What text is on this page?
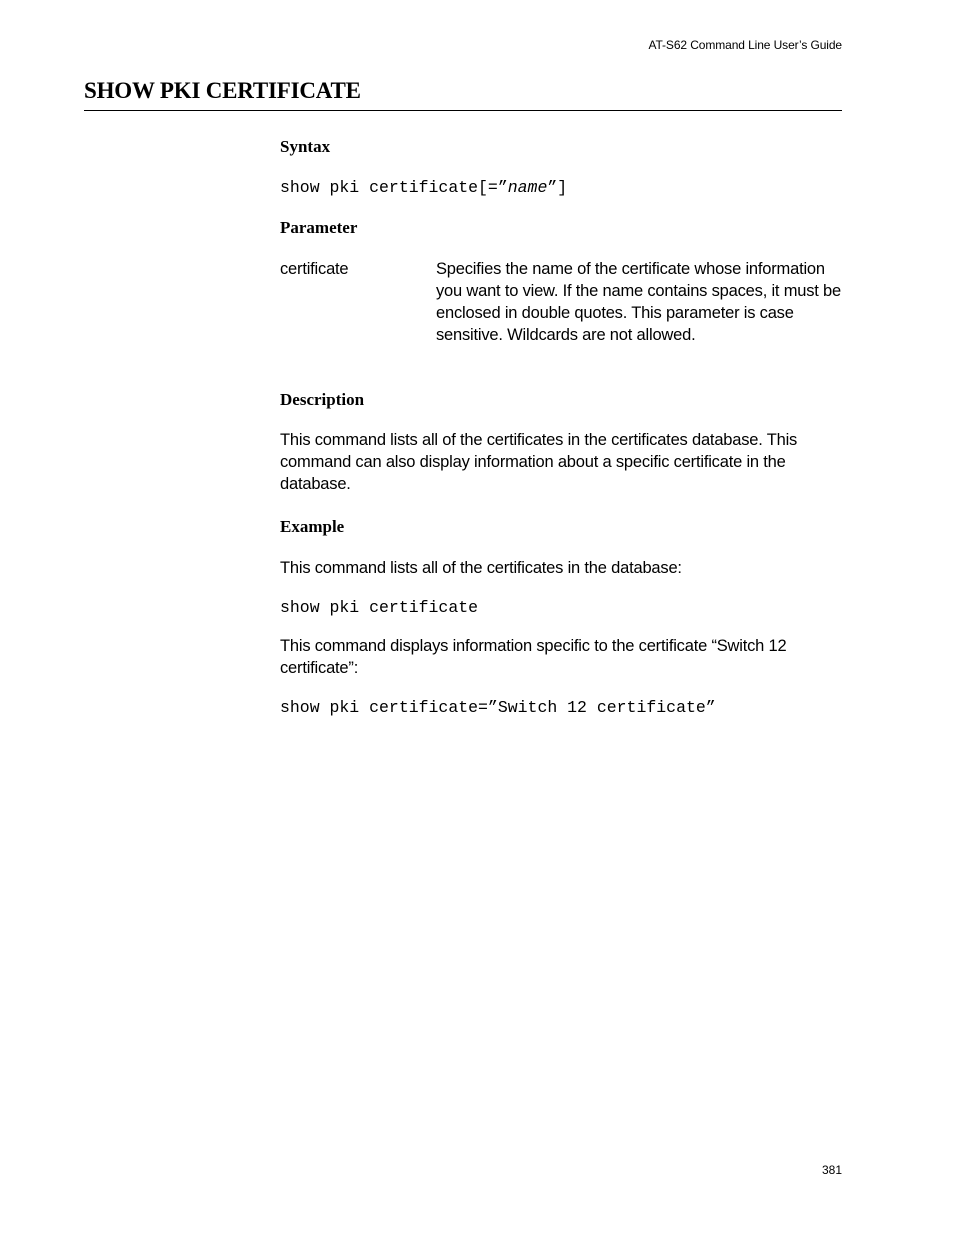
AT-S62 Command Line User’s Guide
SHOW PKI CERTIFICATE
Syntax
show pki certificate[=”name”]
Parameter
certificate	Specifies the name of the certificate whose information you want to view. If the name contains spaces, it must be enclosed in double quotes. This parameter is case sensitive. Wildcards are not allowed.
Description
This command lists all of the certificates in the certificates database. This command can also display information about a specific certificate in the database.
Example
This command lists all of the certificates in the database:
show pki certificate
This command displays information specific to the certificate “Switch 12 certificate”:
show pki certificate=”Switch 12 certificate”
381
